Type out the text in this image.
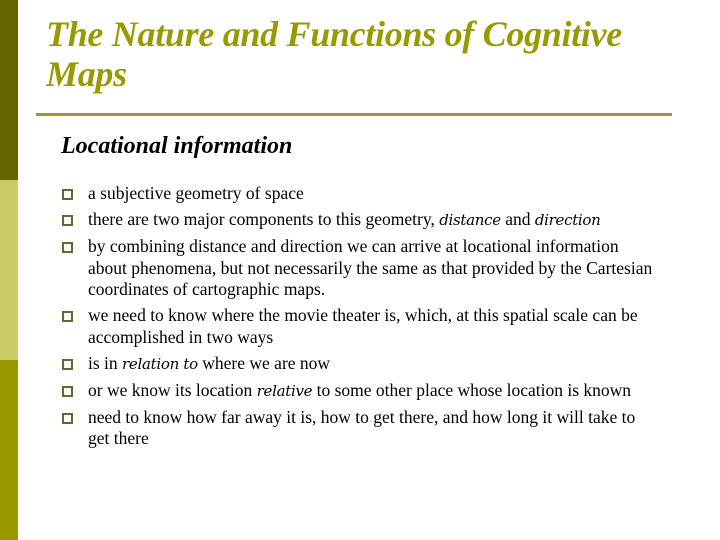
The Nature and Functions of Cognitive Maps
Locational information
a subjective geometry of space
there are two major components to this geometry, distance and direction
by combining distance and direction we can arrive at locational information about phenomena, but not necessarily the same as that provided by the Cartesian coordinates of cartographic maps.
we need to know where the movie theater is, which, at this spatial scale can be accomplished in two ways
is in relation to where we are now
or we know its location relative to some other place whose location is known
need to know how far away it is, how to get there, and how long it will take to get there
